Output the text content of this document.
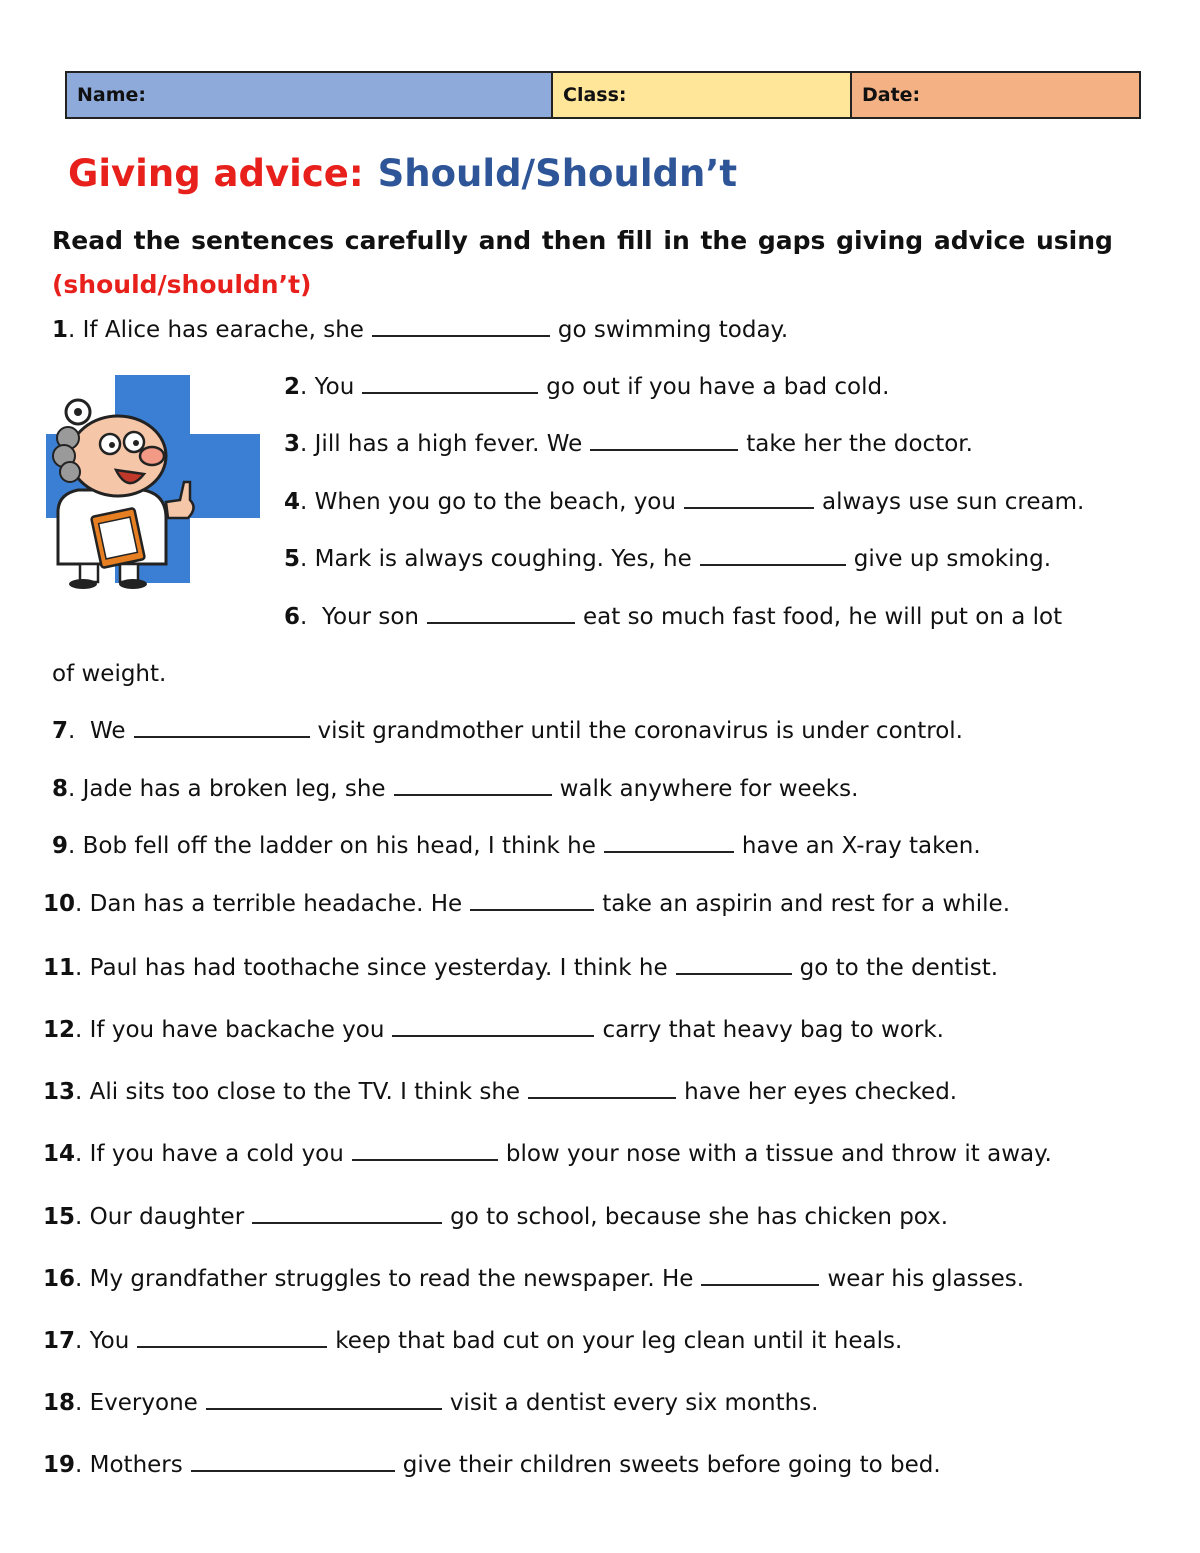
Name:	Class:	Date:
Giving advice: Should/Shouldn’t
Read the sentences carefully and then fill in the gaps giving advice using (should/shouldn’t)
1. If Alice has earache, she	go swimming today.
2. You	go out if you have a bad cold.
3. Jill has a high fever. We	take her the doctor.
4. When you go to the beach, you	always use sun cream.
5. Mark is always coughing. Yes, he	give up smoking.
6.  Your son	eat so much fast food, he will put on a lot
of weight.
7.  We	visit grandmother until the coronavirus is under control.
8. Jade has a broken leg, she	walk anywhere for weeks.
9. Bob fell off the ladder on his head, I think he	have an X-ray taken.
10. Dan has a terrible headache. He	take an aspirin and rest for a while.
11. Paul has had toothache since yesterday. I think he	go to the dentist.
12. If you have backache you	carry that heavy bag to work.
13. Ali sits too close to the TV. I think she	have her eyes checked.
14. If you have a cold you	blow your nose with a tissue and throw it away.
15. Our daughter	go to school, because she has chicken pox.
16. My grandfather struggles to read the newspaper. He	wear his glasses.
17. You	keep that bad cut on your leg clean until it heals.
18. Everyone	visit a dentist every six months.
19. Mothers	give their children sweets before going to bed.
